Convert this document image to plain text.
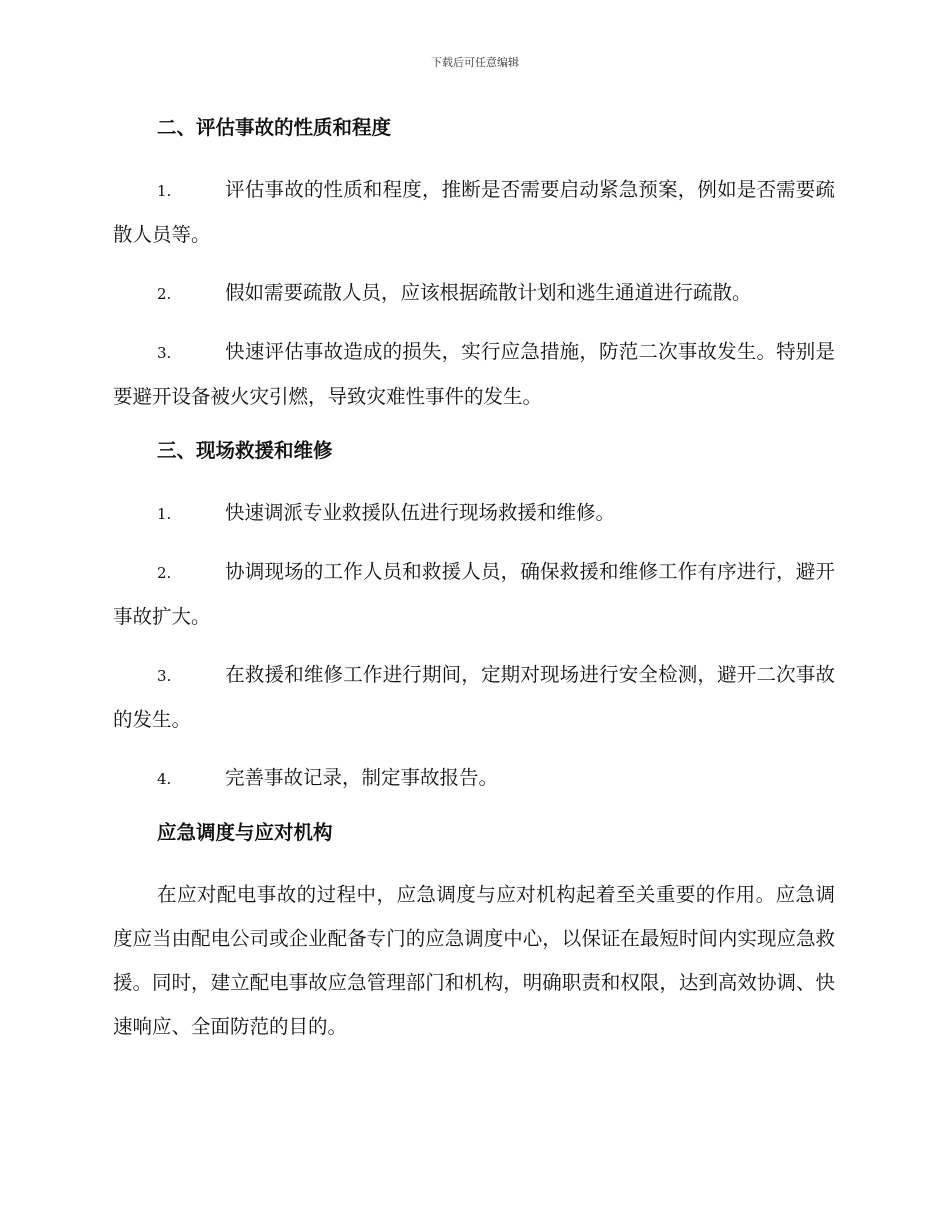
下载后可任意编辑
二、评估事故的性质和程度

1.	评估事故的性质和程度，推断是否需要启动紧急预案，例如是否需要疏散人员等。

2.	假如需要疏散人员，应该根据疏散计划和逃生通道进行疏散。

3.	快速评估事故造成的损失，实行应急措施，防范二次事故发生。特别是要避开设备被火灾引燃，导致灾难性事件的发生。

三、现场救援和维修

1.	快速调派专业救援队伍进行现场救援和维修。

2.	协调现场的工作人员和救援人员，确保救援和维修工作有序进行，避开事故扩大。

3.	在救援和维修工作进行期间，定期对现场进行安全检测，避开二次事故的发生。

4.	完善事故记录，制定事故报告。

应急调度与应对机构

在应对配电事故的过程中，应急调度与应对机构起着至关重要的作用。应急调度应当由配电公司或企业配备专门的应急调度中心，以保证在最短时间内实现应急救援。同时，建立配电事故应急管理部门和机构，明确职责和权限，达到高效协调、快速响应、全面防范的目的。
